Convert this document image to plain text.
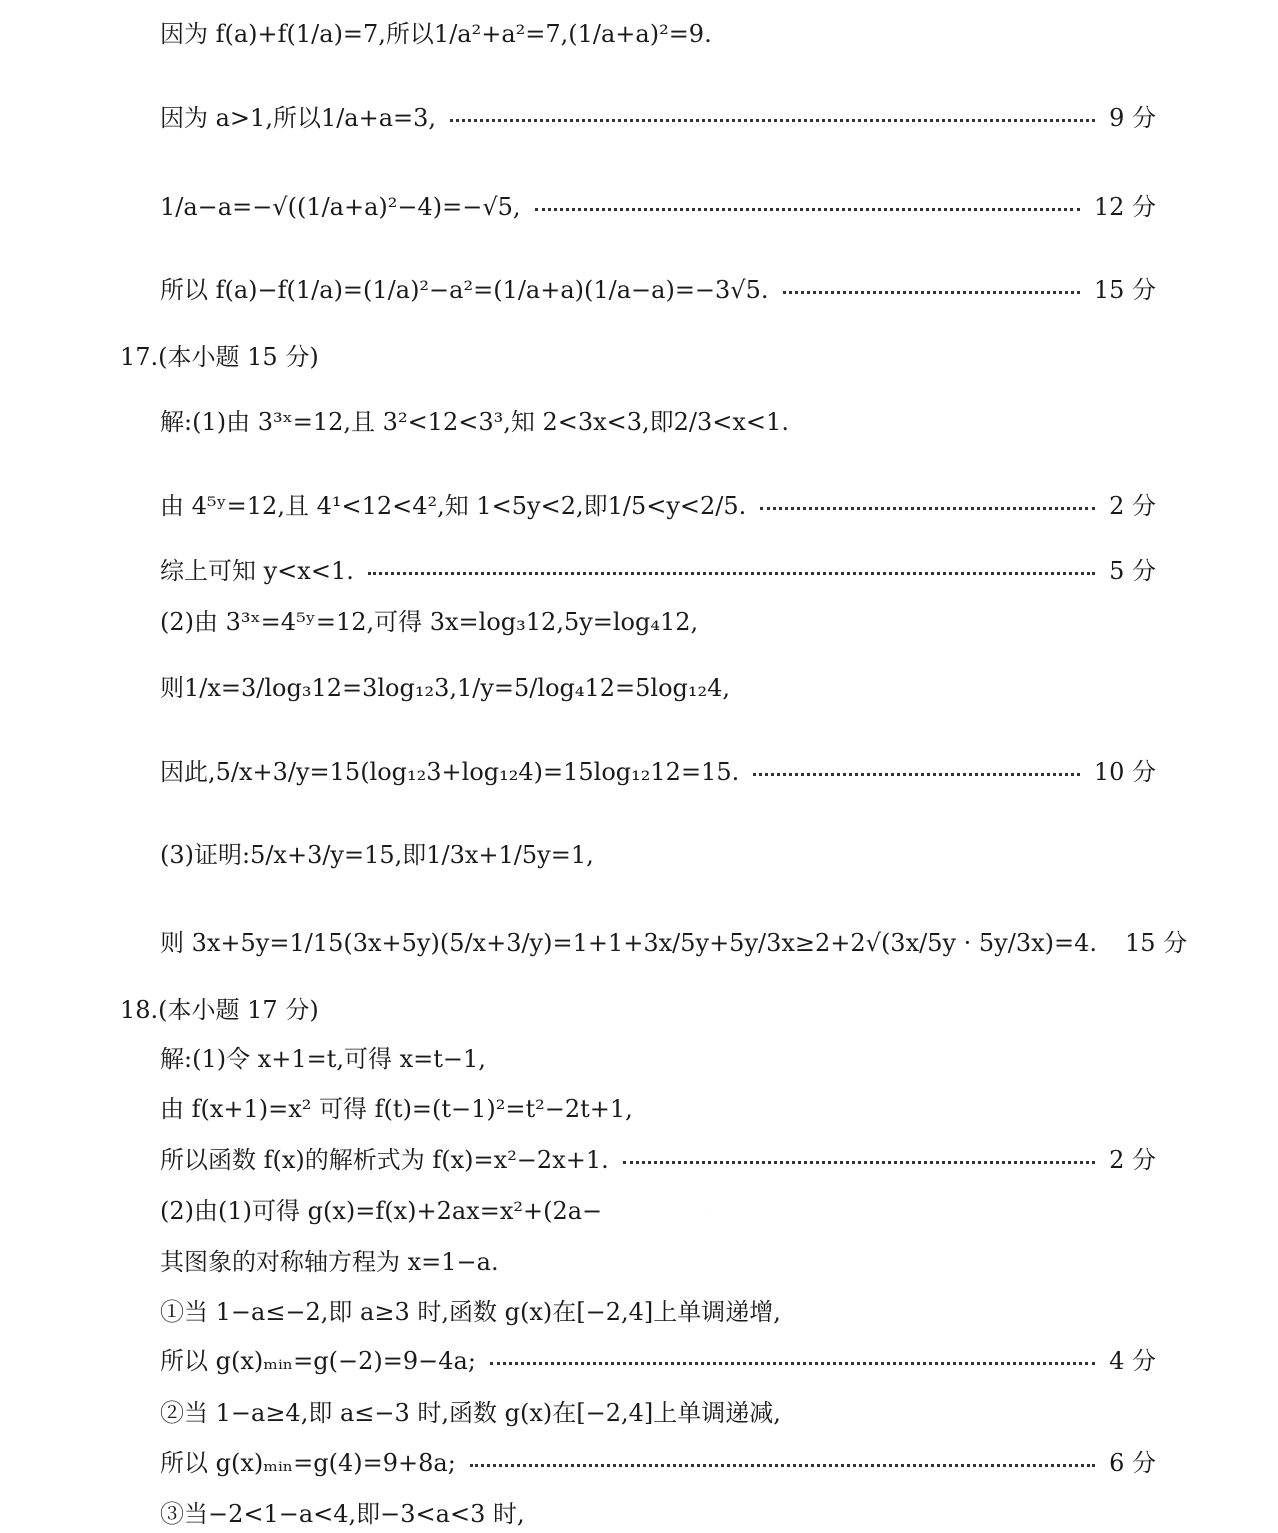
因为 f(a)+f(1/a)=7,所以1/a²+a²=7,(1/a+a)²=9.
因为 a>1,所以1/a+a=3,	9 分
1/a−a=−√((1/a+a)²−4)=−√5,	12 分
所以 f(a)−f(1/a)=(1/a)²−a²=(1/a+a)(1/a−a)=−3√5.	15 分
17.(本小题 15 分)
解:(1)由 3³ˣ=12,且 3²<12<3³,知 2<3x<3,即2/3<x<1.
由 4⁵ʸ=12,且 4¹<12<4²,知 1<5y<2,即1/5<y<2/5.	2 分
综上可知 y<x<1.	5 分
(2)由 3³ˣ=4⁵ʸ=12,可得 3x=log₃12,5y=log₄12,
则1/x=3/log₃12=3log₁₂3,1/y=5/log₄12=5log₁₂4,
因此,5/x+3/y=15(log₁₂3+log₁₂4)=15log₁₂12=15.	10 分
(3)证明:5/x+3/y=15,即1/3x+1/5y=1,
则 3x+5y=1/15(3x+5y)(5/x+3/y)=1+1+3x/5y+5y/3x≥2+2√(3x/5y · 5y/3x)=4. 15 分
18.(本小题 17 分)
解:(1)令 x+1=t,可得 x=t−1,
由 f(x+1)=x² 可得 f(t)=(t−1)²=t²−2t+1,
所以函数 f(x)的解析式为 f(x)=x²−2x+1.	2 分
(2)由(1)可得 g(x)=f(x)+2ax=x²+(2a−
其图象的对称轴方程为 x=1−a.
①当 1−a≤−2,即 a≥3 时,函数 g(x)在[−2,4]上单调递增,
所以 g(x)ₘᵢₙ=g(−2)=9−4a;	4 分
②当 1−a≥4,即 a≤−3 时,函数 g(x)在[−2,4]上单调递减,
所以 g(x)ₘᵢₙ=g(4)=9+8a;	6 分
③当−2<1−a<4,即−3<a<3 时,
